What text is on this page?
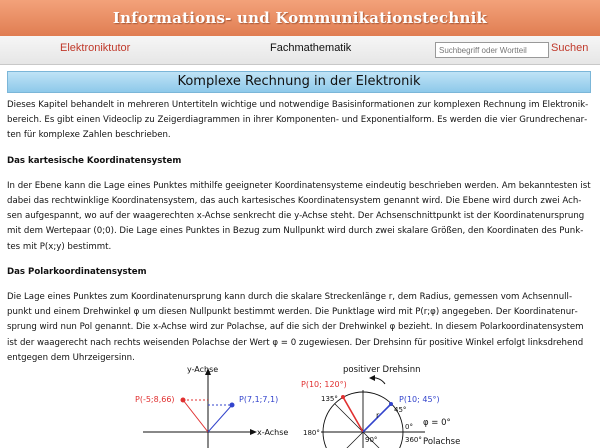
Informations- und Kommunikationstechnik
Elektroniktutor	Fachmathematik
Suchbegriff oder Wortteil	Suchen
Komplexe Rechnung in der Elektronik

Dieses Kapitel behandelt in mehreren Untertiteln wichtige und notwendige Basisinformationen zur komplexen Rechnung im Elektronikbereich. Es gibt einen Videoclip zu Zeigerdiagrammen in ihrer Komponenten- und Exponentialform. Es werden die vier Grundrechenarten für komplexe Zahlen beschrieben.

Das kartesische Koordinatensystem

In der Ebene kann die Lage eines Punktes mithilfe geeigneter Koordinatensysteme eindeutig beschrieben werden. Am bekanntesten ist dabei das rechtwinklige Koordinatensystem, das auch kartesisches Koordinatensystem genannt wird. Die Ebene wird durch zwei Achsen aufgespannt, wo auf der waagerechten x-Achse senkrecht die y-Achse steht. Der Achsenschnittpunkt ist der Koordinatenursprung mit dem Wertepaar (0;0). Die Lage eines Punktes in Bezug zum Nullpunkt wird durch zwei skalare Größen, den Koordinaten des Punktes mit P(x;y) bestimmt.

Das Polarkoordinatensystem

Die Lage eines Punktes zum Koordinatenursprung kann durch die skalare Streckenlänge r, dem Radius, gemessen vom Achsennullpunkt und einem Drehwinkel φ um diesen Nullpunkt bestimmt werden. Die Punktlage wird mit P(r;φ) angegeben. Der Koordinatenursprung wird nun Pol genannt. Die x-Achse wird zur Polachse, auf die sich der Drehwinkel φ bezieht. In diesem Polarkoordinatensystem ist der waagerecht nach rechts weisenden Polachse der Wert φ = 0 zugewiesen. Der Drehsinn für positive Winkel erfolgt linksdrehend entgegen dem Uhrzeigersinn.

y-Achse
x-Achse
P(-5;8,66)	P(7,1;7,1)
positiver Drehsinn
P(10; 120°)
P(10; 45°)
135°
45°
90°
180°
0°
360°
r
φ = 0°
Polachse
